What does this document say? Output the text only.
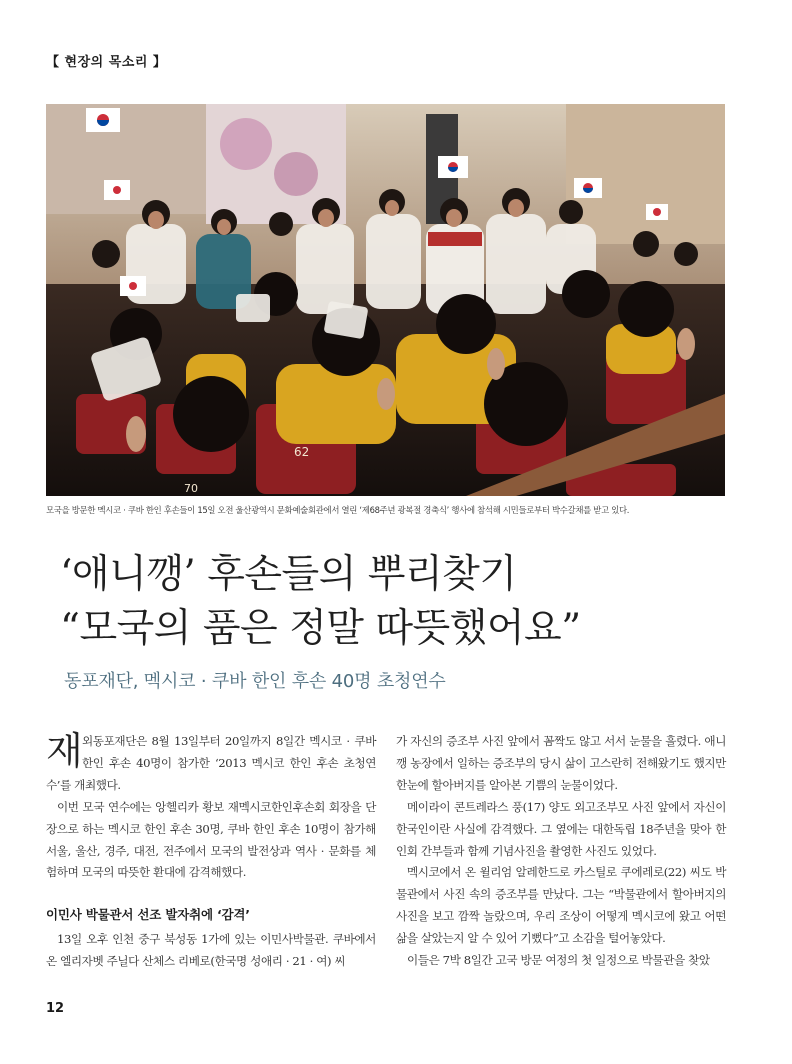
【 현장의 목소리 】
62
70
모국을 방문한 멕시코 · 쿠바 한인 후손들이 15일 오전 울산광역시 문화예술회관에서 열린 ‘제68주년 광복절 경축식’ 행사에 참석해 시민들로부터 박수갈채를 받고 있다.
‘애니깽’ 후손들의 뿌리찾기
“모국의 품은 정말 따뜻했어요”
동포재단, 멕시코 · 쿠바 한인 후손 40명 초청연수

재외동포재단은 8월 13일부터 20일까지 8일간 멕시코 · 쿠바 한인 후손 40명이 참가한 ‘2013 멕시코 한인 후손 초청연수’를 개최했다.

이번 모국 연수에는 앙헬리카 황보 재멕시코한인후손회 회장을 단장으로 하는 멕시코 한인 후손 30명, 쿠바 한인 후손 10명이 참가해 서울, 울산, 경주, 대전, 전주에서 모국의 발전상과 역사 · 문화를 체험하며 모국의 따뜻한 환대에 감격해했다.

이민사 박물관서 선조 발자취에 ‘감격’

13일 오후 인천 중구 북성동 1가에 있는 이민사박물관. 쿠바에서 온 엘리자벳 주닐다 산체스 리베로(한국명 성애리 · 21 · 여) 씨

가 자신의 증조부 사진 앞에서 꼼짝도 않고 서서 눈물을 흘렸다. 애니깽 농장에서 일하는 증조부의 당시 삶이 고스란히 전해왔기도 했지만 한눈에 할아버지를 알아본 기쁨의 눈물이었다.

메이라이 콘트레라스 풍(17) 양도 외고조부모 사진 앞에서 자신이 한국인이란 사실에 감격했다. 그 옆에는 대한독립 18주년을 맞아 한인회 간부들과 함께 기념사진을 촬영한 사진도 있었다.

멕시코에서 온 윌리엄 알레한드로 카스틸로 쿠에레로(22) 씨도 박물관에서 사진 속의 증조부를 만났다. 그는 “박물관에서 할아버지의 사진을 보고 깜짝 놀랐으며, 우리 조상이 어떻게 멕시코에 왔고 어떤 삶을 살았는지 알 수 있어 기뻤다”고 소감을 털어놓았다.

이들은 7박 8일간 고국 방문 여정의 첫 일정으로 박물관을 찾았

12
